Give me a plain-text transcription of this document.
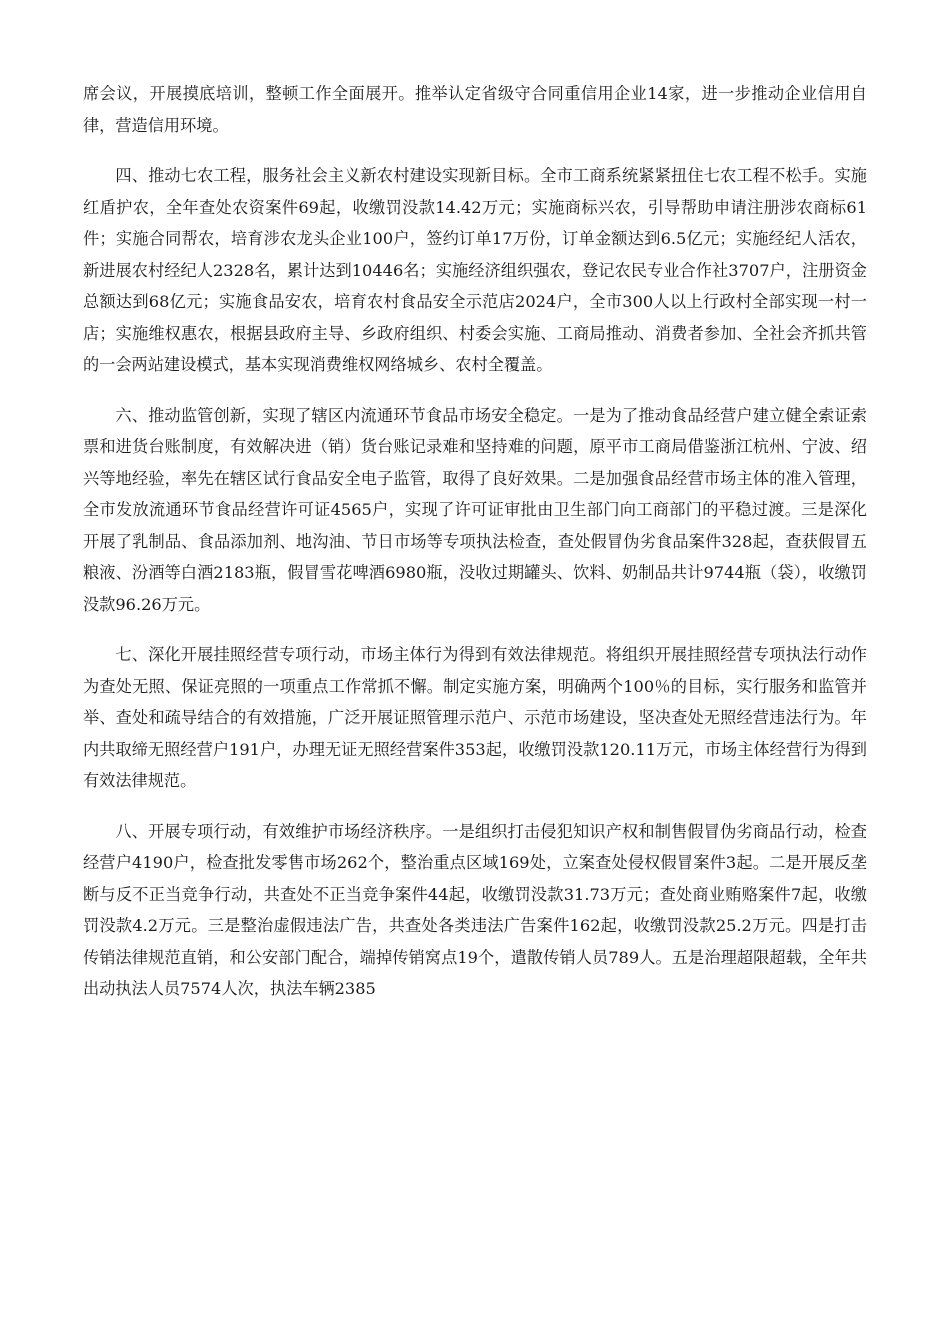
席会议，开展摸底培训，整顿工作全面展开。推举认定省级守合同重信用企业14家，进一步推动企业信用自律，营造信用环境。

四、推动七农工程，服务社会主义新农村建设实现新目标。全市工商系统紧紧扭住七农工程不松手。实施红盾护农，全年查处农资案件69起，收缴罚没款14.42万元；实施商标兴农，引导帮助申请注册涉农商标61件；实施合同帮农，培育涉农龙头企业100户，签约订单17万份，订单金额达到6.5亿元；实施经纪人活农，新进展农村经纪人2328名，累计达到10446名；实施经济组织强农，登记农民专业合作社3707户，注册资金总额达到68亿元；实施食品安农，培育农村食品安全示范店2024户，全市300人以上行政村全部实现一村一店；实施维权惠农，根据县政府主导、乡政府组织、村委会实施、工商局推动、消费者参加、全社会齐抓共管的一会两站建设模式，基本实现消费维权网络城乡、农村全覆盖。

六、推动监管创新，实现了辖区内流通环节食品市场安全稳定。一是为了推动食品经营户建立健全索证索票和进货台账制度，有效解决进（销）货台账记录难和坚持难的问题，原平市工商局借鉴浙江杭州、宁波、绍兴等地经验，率先在辖区试行食品安全电子监管，取得了良好效果。二是加强食品经营市场主体的准入管理，全市发放流通环节食品经营许可证4565户，实现了许可证审批由卫生部门向工商部门的平稳过渡。三是深化开展了乳制品、食品添加剂、地沟油、节日市场等专项执法检查，查处假冒伪劣食品案件328起，查获假冒五粮液、汾酒等白酒2183瓶，假冒雪花啤酒6980瓶，没收过期罐头、饮料、奶制品共计9744瓶（袋），收缴罚没款96.26万元。

七、深化开展挂照经营专项行动，市场主体行为得到有效法律规范。将组织开展挂照经营专项执法行动作为查处无照、保证亮照的一项重点工作常抓不懈。制定实施方案，明确两个100％的目标，实行服务和监管并举、查处和疏导结合的有效措施，广泛开展证照管理示范户、示范市场建设，坚决查处无照经营违法行为。年内共取缔无照经营户191户，办理无证无照经营案件353起，收缴罚没款120.11万元，市场主体经营行为得到有效法律规范。

八、开展专项行动，有效维护市场经济秩序。一是组织打击侵犯知识产权和制售假冒伪劣商品行动，检查经营户4190户，检查批发零售市场262个，整治重点区域169处，立案查处侵权假冒案件3起。二是开展反垄断与反不正当竞争行动，共查处不正当竞争案件44起，收缴罚没款31.73万元；查处商业贿赂案件7起，收缴罚没款4.2万元。三是整治虚假违法广告，共查处各类违法广告案件162起，收缴罚没款25.2万元。四是打击传销法律规范直销，和公安部门配合，端掉传销窝点19个，遣散传销人员789人。五是治理超限超载，全年共出动执法人员7574人次，执法车辆2385
